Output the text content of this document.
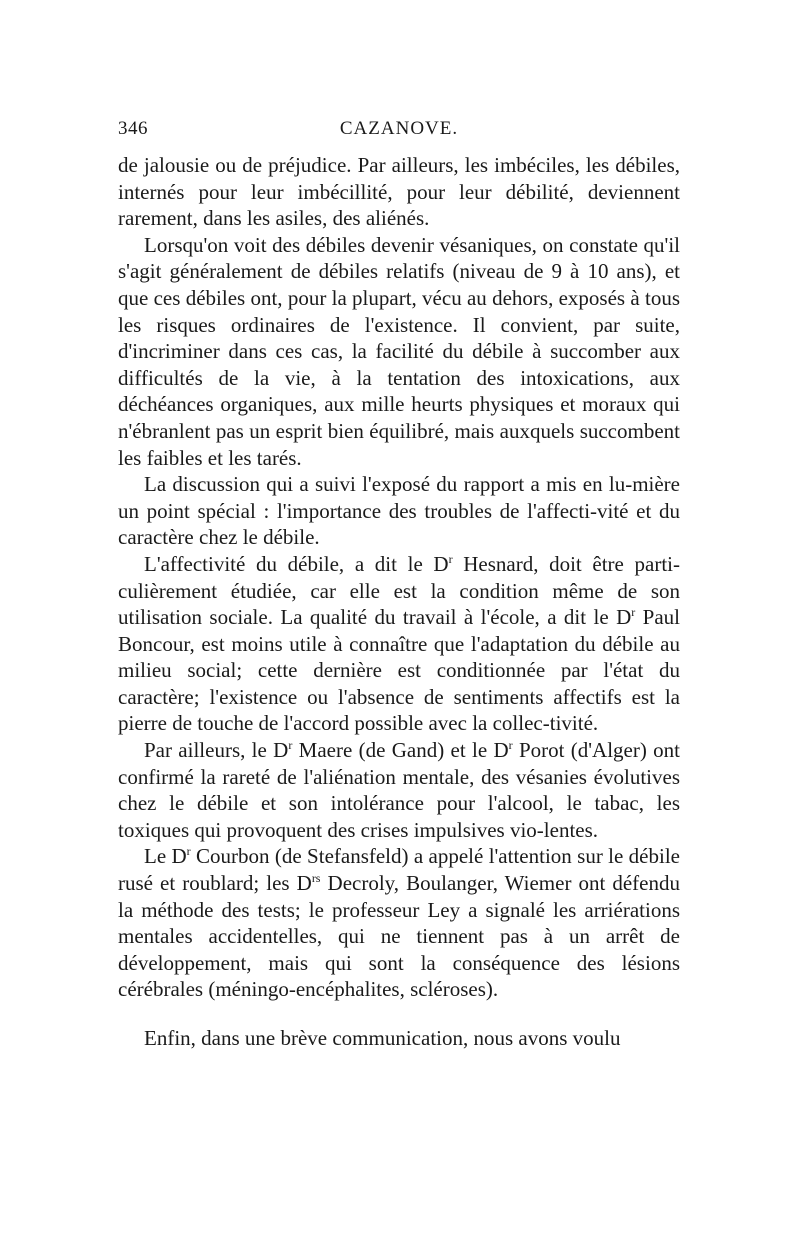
346	CAZANOVE.

de jalousie ou de préjudice. Par ailleurs, les imbéciles, les débiles, internés pour leur imbécillité, pour leur débilité, deviennent rarement, dans les asiles, des aliénés.

Lorsqu'on voit des débiles devenir vésaniques, on constate qu'il s'agit généralement de débiles relatifs (niveau de 9 à 10 ans), et que ces débiles ont, pour la plupart, vécu au dehors, exposés à tous les risques ordinaires de l'existence. Il convient, par suite, d'incriminer dans ces cas, la facilité du débile à succomber aux difficultés de la vie, à la tentation des intoxications, aux déchéances organiques, aux mille heurts physiques et moraux qui n'ébranlent pas un esprit bien équilibré, mais auxquels succombent les faibles et les tarés.

La discussion qui a suivi l'exposé du rapport a mis en lu-mière un point spécial : l'importance des troubles de l'affecti-vité et du caractère chez le débile.

L'affectivité du débile, a dit le $D^r$ Hesnard, doit être parti-culièrement étudiée, car elle est la condition même de son utilisation sociale. La qualité du travail à l'école, a dit le $D^r$ Paul Boncour, est moins utile à connaître que l'adaptation du débile au milieu social; cette dernière est conditionnée par l'état du caractère; l'existence ou l'absence de sentiments affectifs est la pierre de touche de l'accord possible avec la collec-tivité.

Par ailleurs, le $D^r$ Maere (de Gand) et le $D^r$ Porot (d'Alger) ont confirmé la rareté de l'aliénation mentale, des vésanies évolutives chez le débile et son intolérance pour l'alcool, le tabac, les toxiques qui provoquent des crises impulsives vio-lentes.

Le $D^r$ Courbon (de Stefansfeld) a appelé l'attention sur le débile rusé et roublard; les $D^{rs}$ Decroly, Boulanger, Wiemer ont défendu la méthode des tests; le professeur Ley a signalé les arriérations mentales accidentelles, qui ne tiennent pas à un arrêt de développement, mais qui sont la conséquence des lésions cérébrales (méningo-encéphalites, scléroses).

Enfin, dans une brève communication, nous avons voulu
